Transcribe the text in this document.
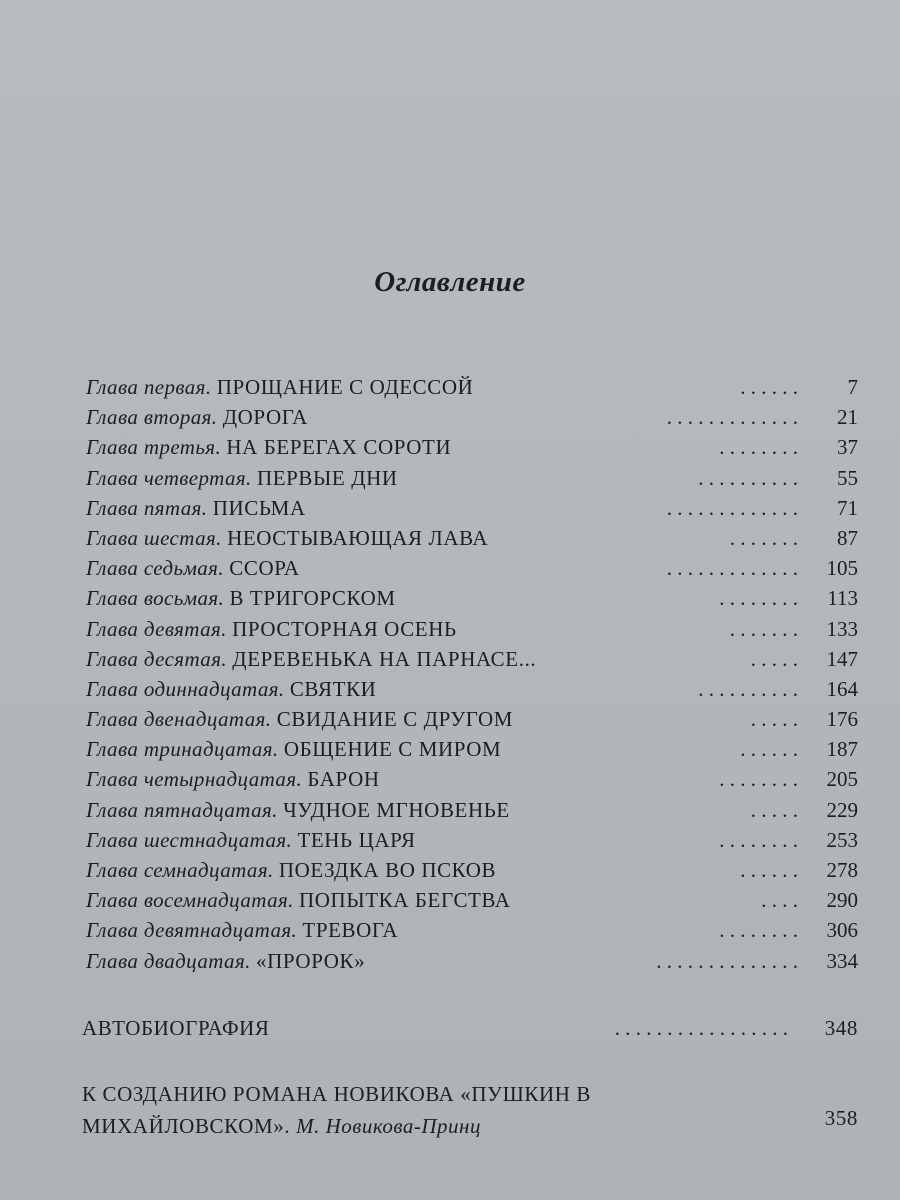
Оглавление
Глава первая. ПРОЩАНИЕ С ОДЕССОЙ	. . . . . .	7
Глава вторая. ДОРОГА	. . . . . . . . . . . . .	21
Глава третья. НА БЕРЕГАХ СОРОТИ	. . . . . . . .	37
Глава четвертая. ПЕРВЫЕ ДНИ	. . . . . . . . . .	55
Глава пятая. ПИСЬМА	. . . . . . . . . . . . .	71
Глава шестая. НЕОСТЫВАЮЩАЯ ЛАВА	. . . . . . .	87
Глава седьмая. ССОРА	. . . . . . . . . . . . .	105
Глава восьмая. В ТРИГОРСКОМ	. . . . . . . .	113
Глава девятая. ПРОСТОРНАЯ ОСЕНЬ	. . . . . . .	133
Глава десятая. ДЕРЕВЕНЬКА НА ПАРНАСЕ...	. . . . .	147
Глава одиннадцатая. СВЯТКИ	. . . . . . . . . .	164
Глава двенадцатая. СВИДАНИЕ С ДРУГОМ	. . . . .	176
Глава тринадцатая. ОБЩЕНИЕ С МИРОМ	. . . . . .	187
Глава четырнадцатая. БАРОН	. . . . . . . .	205
Глава пятнадцатая. ЧУДНОЕ МГНОВЕНЬЕ	. . . . .	229
Глава шестнадцатая. ТЕНЬ ЦАРЯ	. . . . . . . .	253
Глава семнадцатая. ПОЕЗДКА ВО ПСКОВ	. . . . . .	278
Глава восемнадцатая. ПОПЫТКА БЕГСТВА	. . . .	290
Глава девятнадцатая. ТРЕВОГА	. . . . . . . .	306
Глава двадцатая. «ПРОРОК»	. . . . . . . . . . . . . .	334
АВТОБИОГРАФИЯ	. . . . . . . . . . . . . . . . .	348
К СОЗДАНИЮ РОМАНА НОВИКОВА «ПУШКИН В
МИХАЙЛОВСКОМ». М. Новикова-Принц	358
